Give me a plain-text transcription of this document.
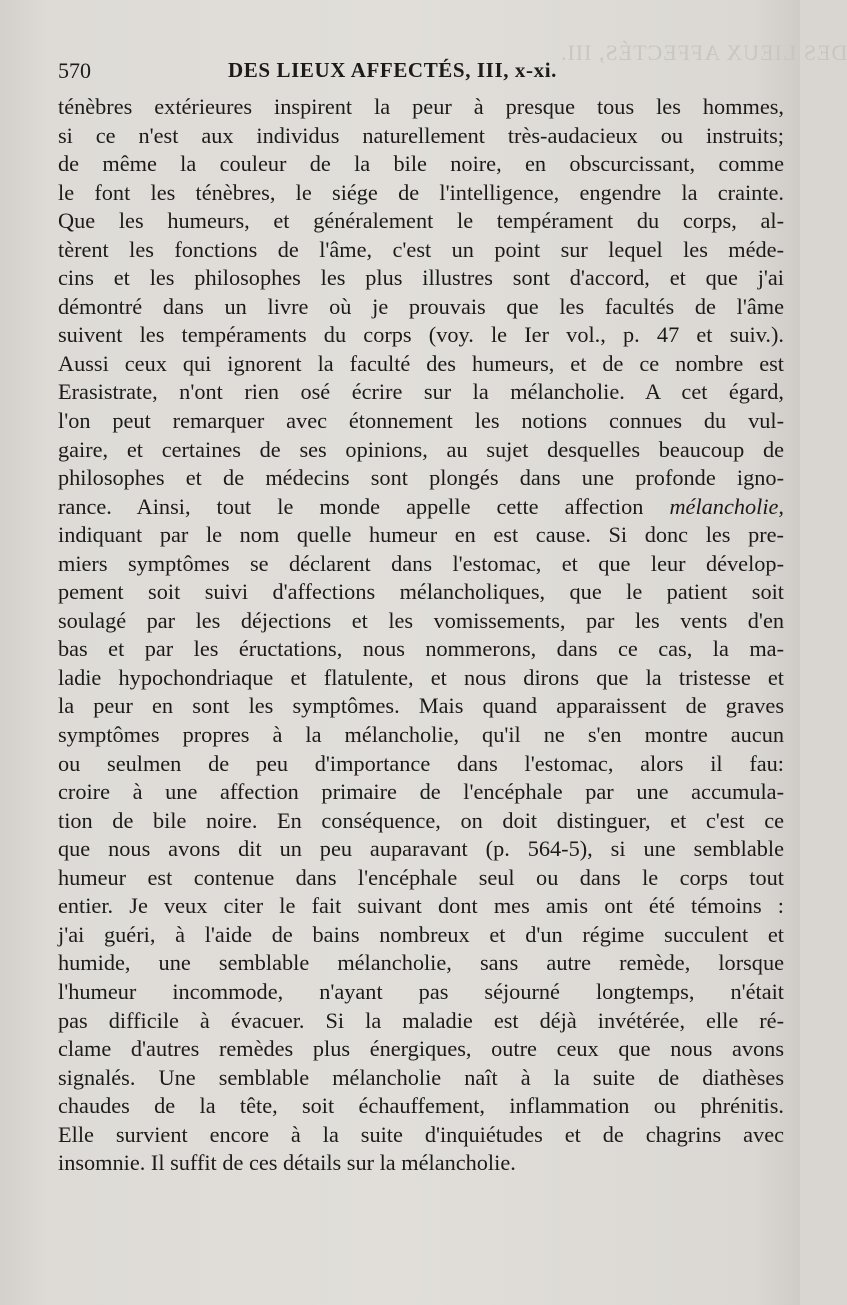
DES LIEUX AFFECTÉS, III.
570	DES LIEUX AFFECTÉS, III, x-xi.
ténèbres extérieures inspirent la peur à presque tous les hommes,
si ce n'est aux individus naturellement très-audacieux ou instruits;
de même la couleur de la bile noire, en obscurcissant, comme
le font les ténèbres, le siége de l'intelligence, engendre la crainte.
Que les humeurs, et généralement le tempérament du corps, al-
tèrent les fonctions de l'âme, c'est un point sur lequel les méde-
cins et les philosophes les plus illustres sont d'accord, et que j'ai
démontré dans un livre où je prouvais que les facultés de l'âme
suivent les tempéraments du corps (voy. le Ier vol., p. 47 et suiv.).
Aussi ceux qui ignorent la faculté des humeurs, et de ce nombre est
Erasistrate, n'ont rien osé écrire sur la mélancholie. A cet égard,
l'on peut remarquer avec étonnement les notions connues du vul-
gaire, et certaines de ses opinions, au sujet desquelles beaucoup de
philosophes et de médecins sont plongés dans une profonde igno-
rance. Ainsi, tout le monde appelle cette affection mélancholie,
indiquant par le nom quelle humeur en est cause. Si donc les pre-
miers symptômes se déclarent dans l'estomac, et que leur dévelop-
pement soit suivi d'affections mélancholiques, que le patient soit
soulagé par les déjections et les vomissements, par les vents d'en
bas et par les éructations, nous nommerons, dans ce cas, la ma-
ladie hypochondriaque et flatulente, et nous dirons que la tristesse et
la peur en sont les symptômes. Mais quand apparaissent de graves
symptômes propres à la mélancholie, qu'il ne s'en montre aucun
ou seulmen de peu d'importance dans l'estomac, alors il fau:
croire à une affection primaire de l'encéphale par une accumula-
tion de bile noire. En conséquence, on doit distinguer, et c'est ce
que nous avons dit un peu auparavant (p. 564-5), si une semblable
humeur est contenue dans l'encéphale seul ou dans le corps tout
entier. Je veux citer le fait suivant dont mes amis ont été témoins :
j'ai guéri, à l'aide de bains nombreux et d'un régime succulent et
humide, une semblable mélancholie, sans autre remède, lorsque
l'humeur incommode, n'ayant pas séjourné longtemps, n'était
pas difficile à évacuer. Si la maladie est déjà invétérée, elle ré-
clame d'autres remèdes plus énergiques, outre ceux que nous avons
signalés. Une semblable mélancholie naît à la suite de diathèses
chaudes de la tête, soit échauffement, inflammation ou phrénitis.
Elle survient encore à la suite d'inquiétudes et de chagrins avec
insomnie. Il suffit de ces détails sur la mélancholie.
